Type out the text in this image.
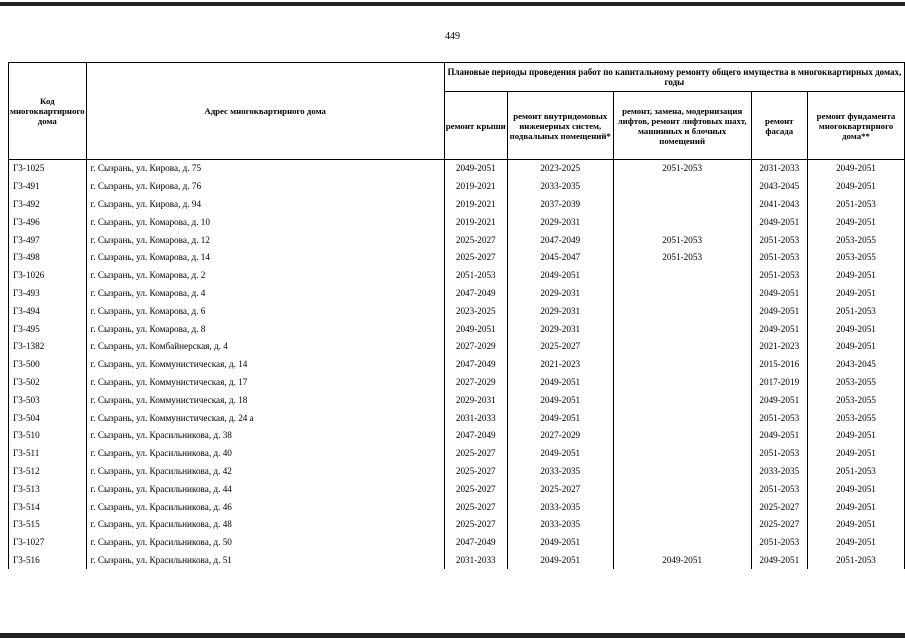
449
Код многоквартирного дома	Адрес многоквартирного дома	Плановые периоды проведения работ по капитальному ремонту общего имущества в многоквартирных домах, годы				
		ремонт крыши	ремонт внутридомовых инженерных систем, подвальных помещений*	ремонт, замена, модернизация лифтов, ремонт лифтовых шахт, машинных и блочных помещений	ремонт фасада	ремонт фундамента многоквартирного дома**
Г3-1025	г. Сызрань, ул. Кирова, д. 75	2049-2051	2023-2025	2051-2053	2031-2033	2049-2051
Г3-491	г. Сызрань, ул. Кирова, д. 76	2019-2021	2033-2035		2043-2045	2049-2051
Г3-492	г. Сызрань, ул. Кирова, д. 94	2019-2021	2037-2039		2041-2043	2051-2053
Г3-496	г. Сызрань, ул. Комарова, д. 10	2019-2021	2029-2031		2049-2051	2049-2051
Г3-497	г. Сызрань, ул. Комарова, д. 12	2025-2027	2047-2049	2051-2053	2051-2053	2053-2055
Г3-498	г. Сызрань, ул. Комарова, д. 14	2025-2027	2045-2047	2051-2053	2051-2053	2053-2055
Г3-1026	г. Сызрань, ул. Комарова, д. 2	2051-2053	2049-2051		2051-2053	2049-2051
Г3-493	г. Сызрань, ул. Комарова, д. 4	2047-2049	2029-2031		2049-2051	2049-2051
Г3-494	г. Сызрань, ул. Комарова, д. 6	2023-2025	2029-2031		2049-2051	2051-2053
Г3-495	г. Сызрань, ул. Комарова, д. 8	2049-2051	2029-2031		2049-2051	2049-2051
Г3-1382	г. Сызрань, ул. Комбайнерская, д. 4	2027-2029	2025-2027		2021-2023	2049-2051
Г3-500	г. Сызрань, ул. Коммунистическая, д. 14	2047-2049	2021-2023		2015-2016	2043-2045
Г3-502	г. Сызрань, ул. Коммунистическая, д. 17	2027-2029	2049-2051		2017-2019	2053-2055
Г3-503	г. Сызрань, ул. Коммунистическая, д. 18	2029-2031	2049-2051		2049-2051	2053-2055
Г3-504	г. Сызрань, ул. Коммунистическая, д. 24 а	2031-2033	2049-2051		2051-2053	2053-2055
Г3-510	г. Сызрань, ул. Красильникова, д. 38	2047-2049	2027-2029		2049-2051	2049-2051
Г3-511	г. Сызрань, ул. Красильникова, д. 40	2025-2027	2049-2051		2051-2053	2049-2051
Г3-512	г. Сызрань, ул. Красильникова, д. 42	2025-2027	2033-2035		2033-2035	2051-2053
Г3-513	г. Сызрань, ул. Красильникова, д. 44	2025-2027	2025-2027		2051-2053	2049-2051
Г3-514	г. Сызрань, ул. Красильникова, д. 46	2025-2027	2033-2035		2025-2027	2049-2051
Г3-515	г. Сызрань, ул. Красильникова, д. 48	2025-2027	2033-2035		2025-2027	2049-2051
Г3-1027	г. Сызрань, ул. Красильникова, д. 50	2047-2049	2049-2051		2051-2053	2049-2051
Г3-516	г. Сызрань, ул. Красильникова, д. 51	2031-2033	2049-2051	2049-2051	2049-2051	2051-2053
